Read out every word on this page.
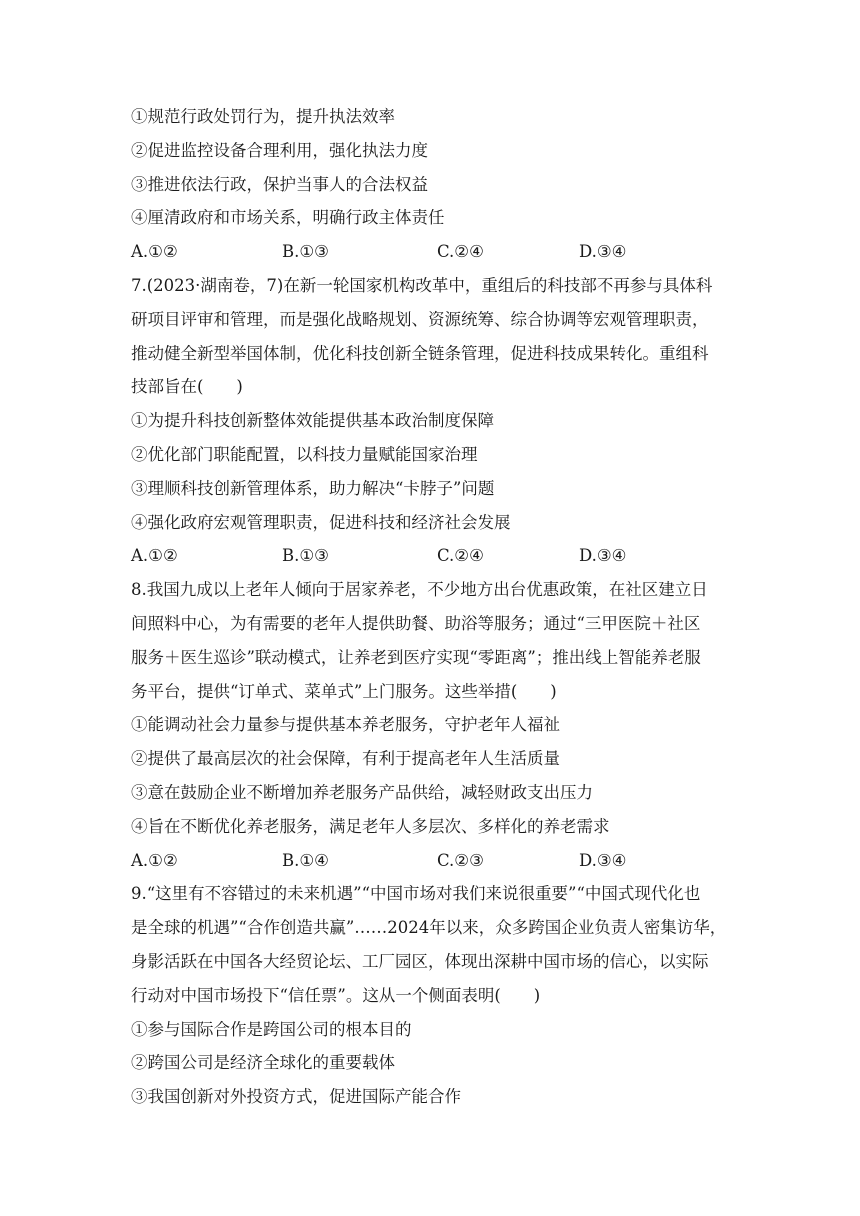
①规范行政处罚行为，提升执法效率

②促进监控设备合理利用，强化执法力度

③推进依法行政，保护当事人的合法权益

④厘清政府和市场关系，明确行政主体责任

A.①②	B.①③	C.②④	D.③④

7.(2023·湖南卷，7)在新一轮国家机构改革中，重组后的科技部不再参与具体科

研项目评审和管理，而是强化战略规划、资源统筹、综合协调等宏观管理职责，

推动健全新型举国体制，优化科技创新全链条管理，促进科技成果转化。重组科

技部旨在(　　)

①为提升科技创新整体效能提供基本政治制度保障

②优化部门职能配置，以科技力量赋能国家治理

③理顺科技创新管理体系，助力解决“卡脖子”问题

④强化政府宏观管理职责，促进科技和经济社会发展

A.①②	B.①③	C.②④	D.③④

8.我国九成以上老年人倾向于居家养老，不少地方出台优惠政策，在社区建立日

间照料中心，为有需要的老年人提供助餐、助浴等服务；通过“三甲医院＋社区

服务＋医生巡诊”联动模式，让养老到医疗实现“零距离”；推出线上智能养老服

务平台，提供“订单式、菜单式”上门服务。这些举措(　　)

①能调动社会力量参与提供基本养老服务，守护老年人福祉

②提供了最高层次的社会保障，有利于提高老年人生活质量

③意在鼓励企业不断增加养老服务产品供给，减轻财政支出压力

④旨在不断优化养老服务，满足老年人多层次、多样化的养老需求

A.①②	B.①④	C.②③	D.③④

9.“这里有不容错过的未来机遇”“中国市场对我们来说很重要”“中国式现代化也

是全球的机遇”“合作创造共赢”……2024年以来，众多跨国企业负责人密集访华，

身影活跃在中国各大经贸论坛、工厂园区，体现出深耕中国市场的信心，以实际

行动对中国市场投下“信任票”。这从一个侧面表明(　　)

①参与国际合作是跨国公司的根本目的

②跨国公司是经济全球化的重要载体

③我国创新对外投资方式，促进国际产能合作
